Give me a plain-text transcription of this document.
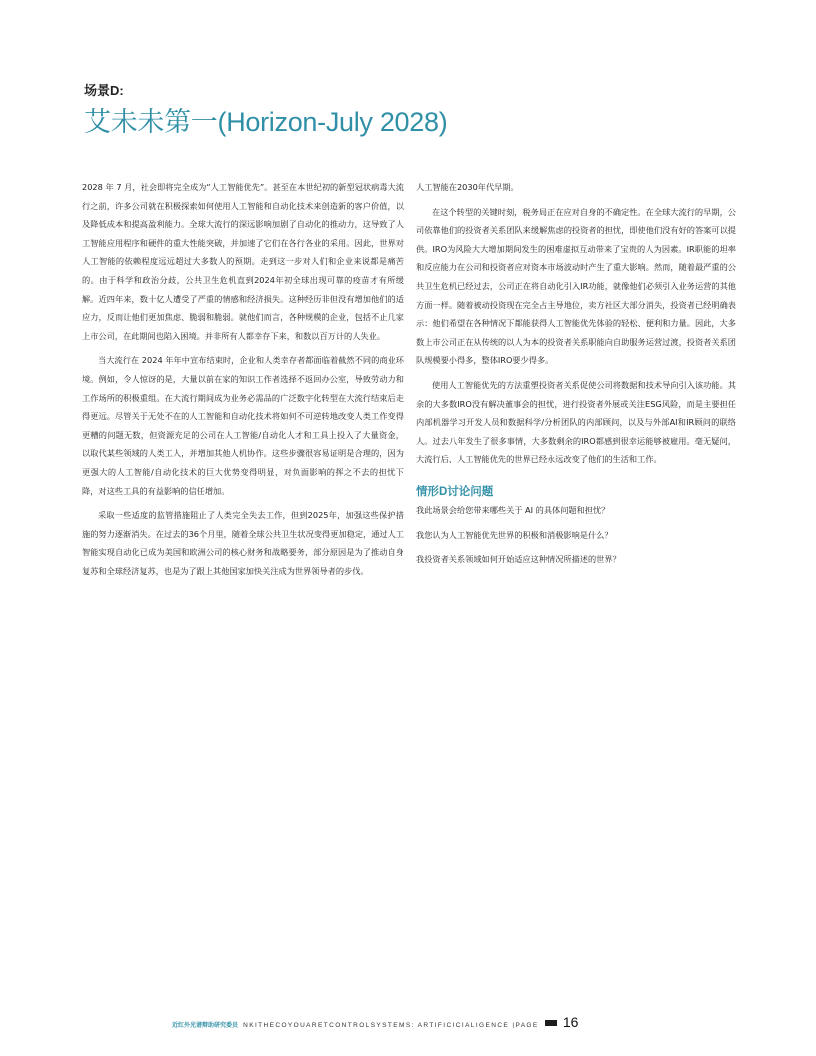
场景D:
艾未未第一(Horizon-July 2028)

2028 年 7 月，社会即将完全成为“人工智能优先”。甚至在本世纪初的新型冠状病毒大流行之前，许多公司就在积极探索如何使用人工智能和自动化技术来创造新的客户价值，以及降低成本和提高盈利能力。全球大流行的深远影响加剧了自动化的推动力，这导致了人工智能应用程序和硬件的重大性能突破，并加速了它们在各行各业的采用。因此，世界对人工智能的依赖程度远远超过大多数人的预期。走到这一步对人们和企业来说都是痛苦的。由于科学和政治分歧，公共卫生危机直到2024年初全球出现可靠的疫苗才有所缓解。近四年来，数十亿人遭受了严重的情感和经济损失。这种经历非但没有增加他们的适应力，反而让他们更加焦虑、脆弱和脆弱。就他们而言，各种规模的企业，包括不止几家上市公司，在此期间也陷入困境。并非所有人都幸存下来，和数以百万计的人失业。

当大流行在 2024 年年中宣布结束时，企业和人类幸存者都面临着截然不同的商业环境。例如，令人惊讶的是，大量以前在家的知识工作者选择不返回办公室，导致劳动力和工作场所的积极重组。在大流行期间成为业务必需品的广泛数字化转型在大流行结束后走得更远。尽管关于无处不在的人工智能和自动化技术将如何不可逆转地改变人类工作变得更糟的问题无数，但资源充足的公司在人工智能/自动化人才和工具上投入了大量资金，以取代某些领域的人类工人，并增加其他人机协作。这些步骤很容易证明是合理的，因为更强大的人工智能/自动化技术的巨大优势变得明显，对负面影响的挥之不去的担忧下降，对这些工具的有益影响的信任增加。

采取一些适度的监管措施阻止了人类完全失去工作，但到2025年，加强这些保护措施的努力逐渐消失。在过去的36个月里，随着全球公共卫生状况变得更加稳定，通过人工智能实现自动化已成为美国和欧洲公司的核心财务和战略要务，部分原因是为了推动自身复苏和全球经济复苏，也是为了跟上其他国家加快关注成为世界领导者的步伐。

人工智能在2030年代早期。

在这个转型的关键时刻，税务局正在应对自身的不确定性。在全球大流行的早期，公司依靠他们的投资者关系团队来缓解焦虑的投资者的担忧，即使他们没有好的答案可以提供。IRO为风险大大增加期间发生的困难虚拟互动带来了宝贵的人为因素。IR职能的坦率和反应能力在公司和投资者应对资本市场波动时产生了重大影响。然而，随着最严重的公共卫生危机已经过去，公司正在将自动化引入IR功能，就像他们必须引入业务运营的其他方面一样。随着被动投资现在完全占主导地位，卖方社区大部分消失，投资者已经明确表示：他们希望在各种情况下都能获得人工智能优先体验的轻松、便利和力量。因此，大多数上市公司正在从传统的以人为本的投资者关系职能向自助服务运营过渡，投资者关系团队规模要小得多，整体IRO要少得多。

使用人工智能优先的方法重塑投资者关系促使公司将数据和技术导向引入该功能。其余的大多数IRO没有解决董事会的担忧，进行投资者外展或关注ESG风险，而是主要担任内部机器学习开发人员和数据科学/分析团队的内部顾问，以及与外部AI和IR顾问的联络人。过去八年发生了很多事情，大多数剩余的IRO都感到很幸运能够被雇用。毫无疑问，大流行后、人工智能优先的世界已经永远改变了他们的生活和工作。

情形D讨论问题

我此场景会给您带来哪些关于 AI 的具体问题和担忧？

我您认为人工智能优先世界的积极和消极影响是什么？

我投资者关系领域如何开始适应这种情况所描述的世界？

近红外光谱辩助研究委员 NKITHECOYOUARETCONTROLSYSTEMS: ARTIFICICIALIGENCE |PAGE 16
